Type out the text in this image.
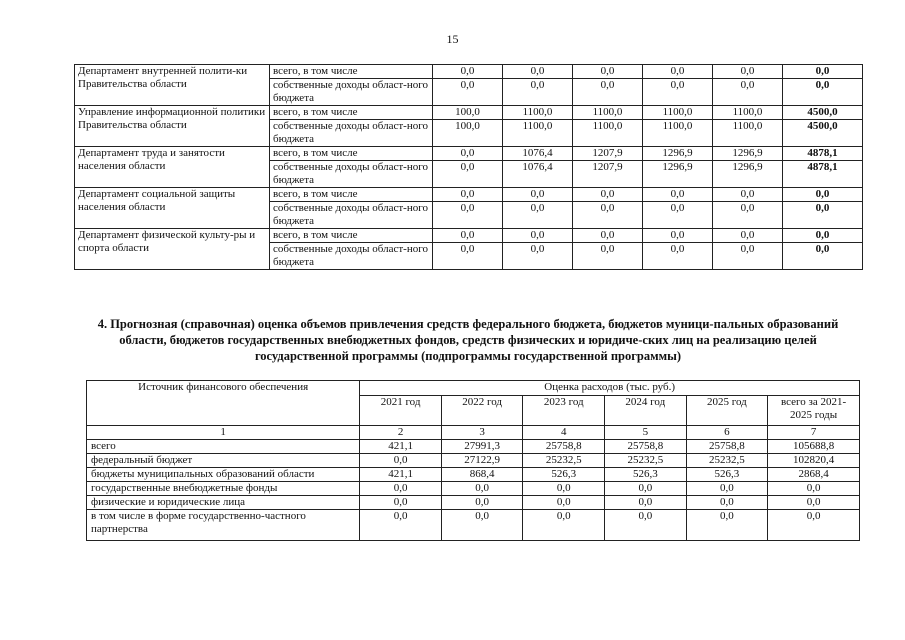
15
Департамент внутренней полити-ки Правительства области	всего, в том числе	0,0	0,0	0,0	0,0	0,0	0,0
	собственные доходы област-ного бюджета	0,0	0,0	0,0	0,0	0,0	0,0
Управление информационной политики Правительства области	всего, в том числе	100,0	1100,0	1100,0	1100,0	1100,0	4500,0
	собственные доходы област-ного бюджета	100,0	1100,0	1100,0	1100,0	1100,0	4500,0
Департамент труда и занятости населения области	всего, в том числе	0,0	1076,4	1207,9	1296,9	1296,9	4878,1
	собственные доходы област-ного бюджета	0,0	1076,4	1207,9	1296,9	1296,9	4878,1
Департамент социальной защиты населения области	всего, в том числе	0,0	0,0	0,0	0,0	0,0	0,0
	собственные доходы област-ного бюджета	0,0	0,0	0,0	0,0	0,0	0,0
Департамент физической культу-ры и спорта области	всего, в том числе	0,0	0,0	0,0	0,0	0,0	0,0
	собственные доходы област-ного бюджета	0,0	0,0	0,0	0,0	0,0	0,0
4. Прогнозная (справочная) оценка объемов привлечения средств федерального бюджета, бюджетов муници-пальных образований области, бюджетов государственных внебюджетных фондов, средств физических и юридиче-ских лиц на реализацию целей государственной программы (подпрограммы государственной программы)
Источник финансового обеспечения	Оценка расходов (тыс. руб.)					
	2021 год	2022 год	2023 год	2024 год	2025 год	всего за 2021-2025 годы
1	2	3	4	5	6	7
всего	421,1	27991,3	25758,8	25758,8	25758,8	105688,8
федеральный бюджет	0,0	27122,9	25232,5	25232,5	25232,5	102820,4
бюджеты муниципальных образований области	421,1	868,4	526,3	526,3	526,3	2868,4
государственные внебюджетные фонды	0,0	0,0	0,0	0,0	0,0	0,0
физические и юридические лица	0,0	0,0	0,0	0,0	0,0	0,0
в том числе в форме государственно-частного партнерства	0,0	0,0	0,0	0,0	0,0	0,0
